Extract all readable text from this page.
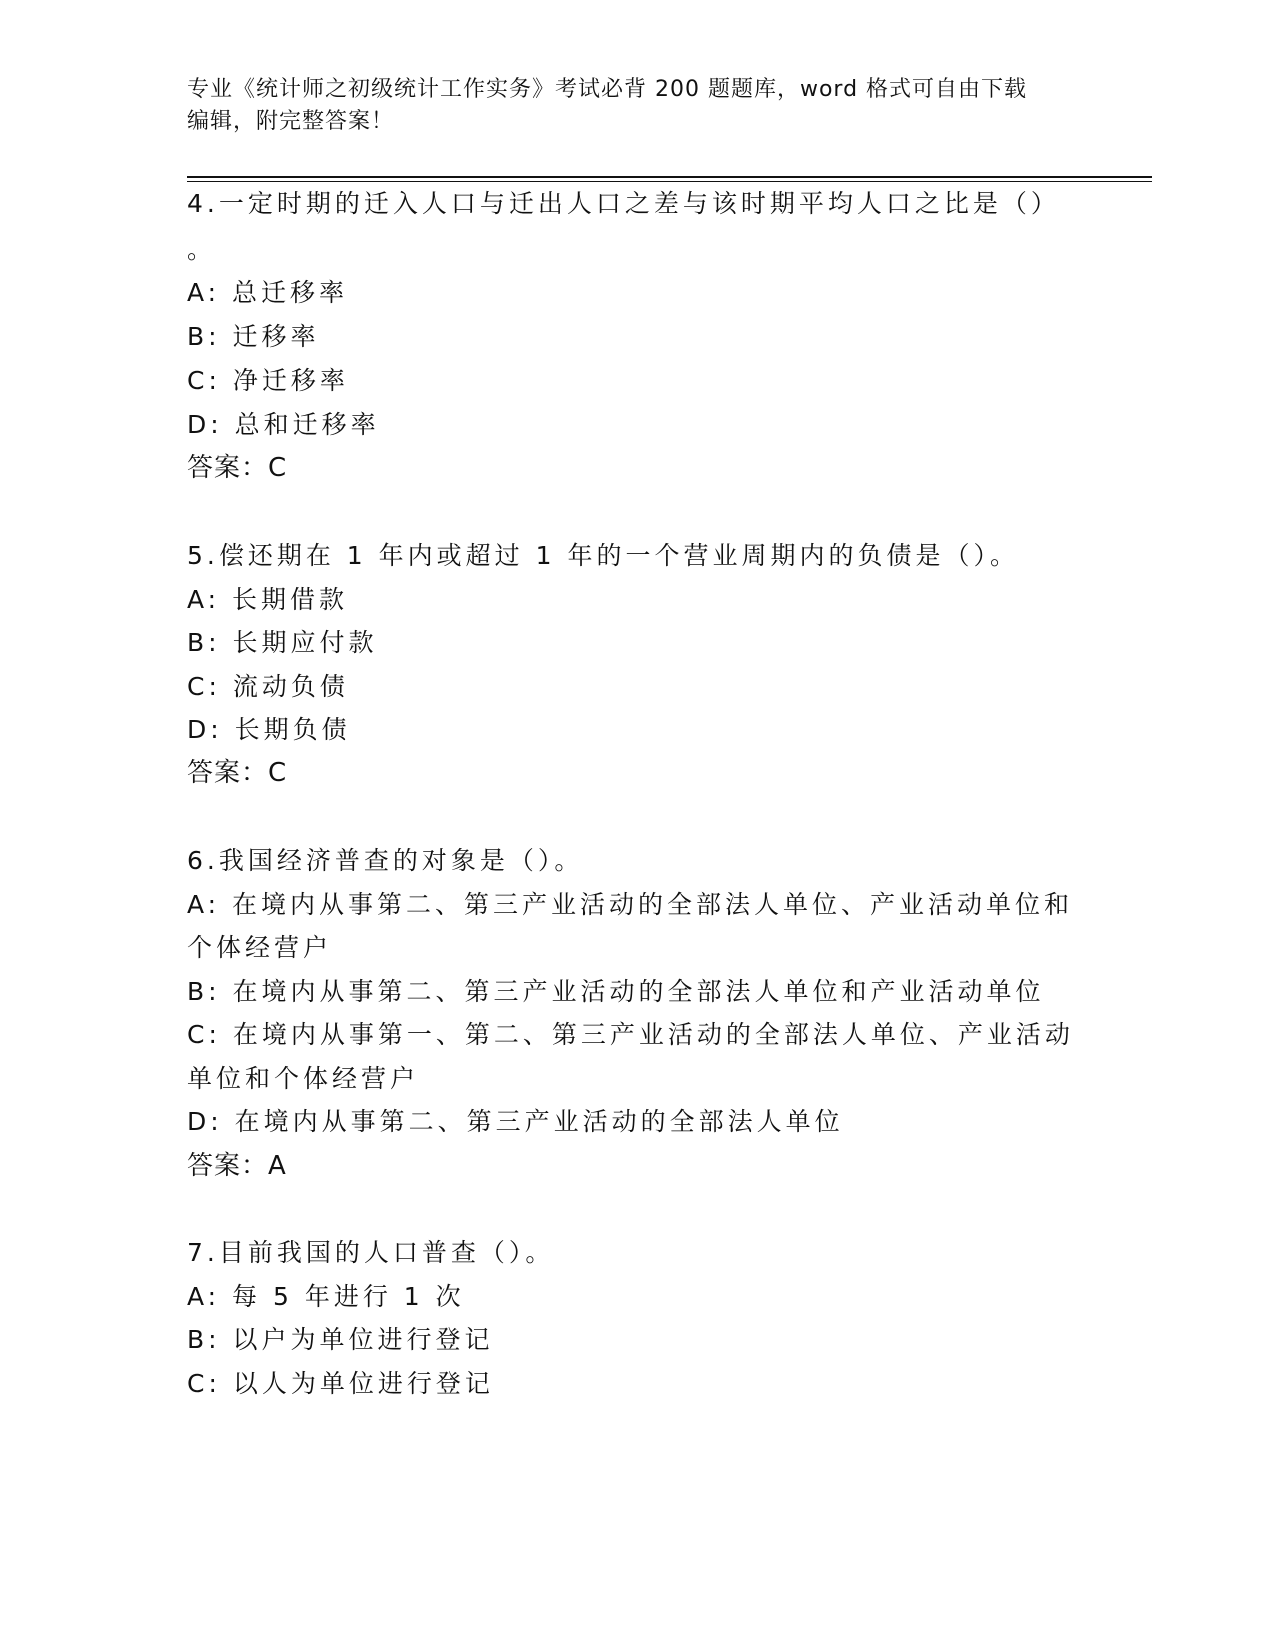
专业《统计师之初级统计工作实务》考试必背 200 题题库，word 格式可自由下载
编辑，附完整答案！
4.一定时期的迁入人口与迁出人口之差与该时期平均人口之比是（）
。
A: 总迁移率
B: 迁移率
C: 净迁移率
D: 总和迁移率
答案：C
5.偿还期在 1 年内或超过 1 年的一个营业周期内的负债是（）。
A: 长期借款
B: 长期应付款
C: 流动负债
D: 长期负债
答案：C
6.我国经济普查的对象是（）。
A: 在境内从事第二、第三产业活动的全部法人单位、产业活动单位和
个体经营户
B: 在境内从事第二、第三产业活动的全部法人单位和产业活动单位
C: 在境内从事第一、第二、第三产业活动的全部法人单位、产业活动
单位和个体经营户
D: 在境内从事第二、第三产业活动的全部法人单位
答案：A
7.目前我国的人口普查（）。
A: 每 5 年进行 1 次
B: 以户为单位进行登记
C: 以人为单位进行登记
